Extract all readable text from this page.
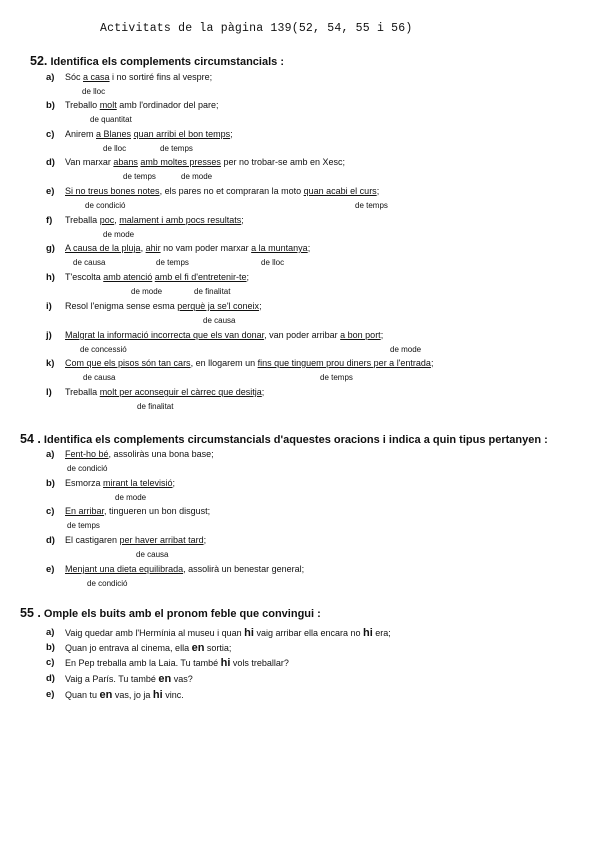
Activitats de la pàgina 139(52, 54, 55 i 56)
52. Identifica els complements circumstancials :
a) Sóc a casa i no sortiré fins al vespre;
de lloc
b) Treballo molt amb l'ordinador del pare;
de quantitat
c) Anirem a Blanes quan arribi el bon temps;
de lloc	de temps
d) Van marxar abans amb moltes presses per no trobar-se amb en Xesc;
de temps	de mode
e) Si no treus bones notes, els pares no et compraran la moto quan acabi el curs;
de condició	de temps
f) Treballa poc, malament i amb pocs resultats;
de mode
g) A causa de la pluja, ahir no vam poder marxar a la muntanya;
de causa	de temps	de lloc
h) T'escolta amb atenció amb el fi d'entretenir-te;
de mode	de finalitat
i) Resol l'enigma sense esma perquè ja se'l coneix;
de causa
j) Malgrat la informació incorrecta que els van donar, van poder arribar a bon port;
de concessió	de mode
k) Com que els pisos són tan cars, en llogarem un fins que tinguem prou diners per a l'entrada;
de causa	de temps
l) Treballa molt per aconseguir el càrrec que desitja;
de finalitat
a) Fent-ho bé, assoliràs una bona base;
de condició
b) Esmorza mirant la televisió;
de mode
c) En arribar, tingueren un bon disgust;
de temps
d) El castigaren per haver arribat tard;
de causa
e) Menjant una dieta equilibrada, assolirà un benestar general;
de condició
a) Vaig quedar amb l'Hermínia al museu i quan hi vaig arribar ella encara no hi era;
b) Quan jo entrava al cinema, ella en sortia;
c) En Pep treballa amb la Laia. Tu també hi vols treballar?
d) Vaig a París. Tu també en vas?
e) Quan tu en vas, jo ja hi vinc.
54 . Identifica els complements circumstancials d'aquestes oracions i indica a quin tipus pertanyen :
55 . Omple els buits amb el pronom feble que convingui :
